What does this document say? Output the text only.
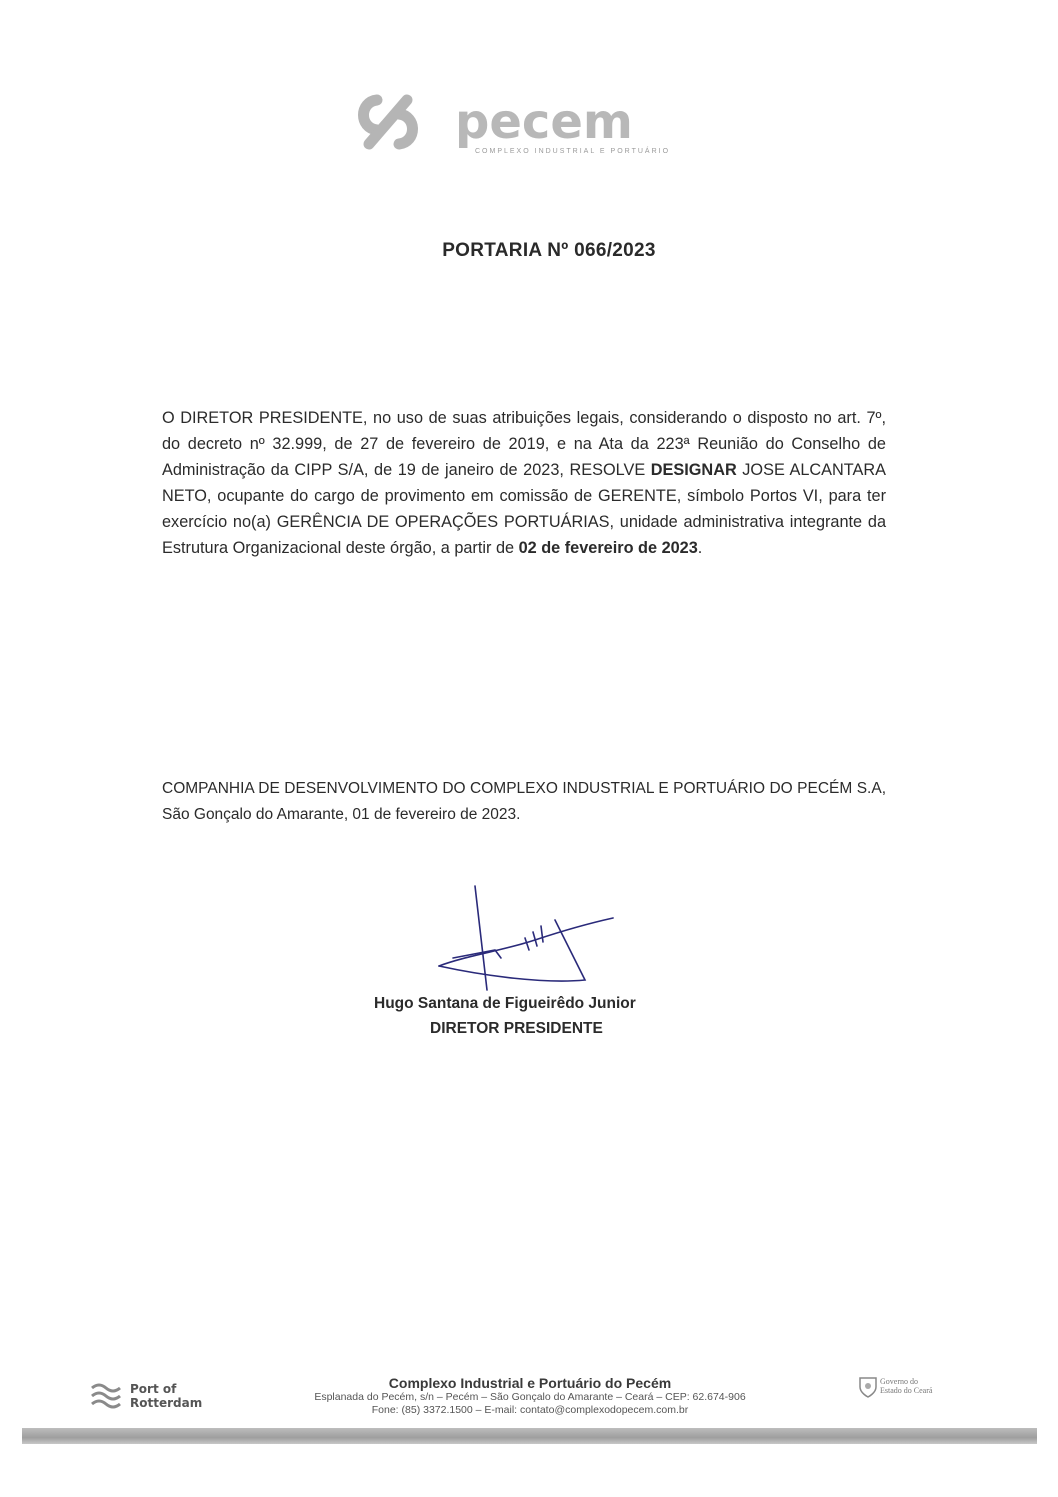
pecem
COMPLEXO INDUSTRIAL E PORTUÁRIO
PORTARIA Nº 066/2023
O DIRETOR PRESIDENTE, no uso de suas atribuições legais, considerando o disposto no art. 7º, do decreto nº 32.999, de 27 de fevereiro de 2019, e na Ata da 223ª Reunião do Conselho de Administração da CIPP S/A, de 19 de janeiro de 2023, RESOLVE DESIGNAR JOSE ALCANTARA NETO, ocupante do cargo de provimento em comissão de GERENTE, símbolo Portos VI, para ter exercício no(a) GERÊNCIA DE OPERAÇÕES PORTUÁRIAS, unidade administrativa integrante da Estrutura Organizacional deste órgão, a partir de 02 de fevereiro de 2023.
COMPANHIA DE DESENVOLVIMENTO DO COMPLEXO INDUSTRIAL E PORTUÁRIO DO PECÉM S.A, São Gonçalo do Amarante, 01 de fevereiro de 2023.
Hugo Santana de Figueirêdo Junior
DIRETOR PRESIDENTE
Port of
Rotterdam
Complexo Industrial e Portuário do Pecém
Esplanada do Pecém, s/n – Pecém – São Gonçalo do Amarante – Ceará – CEP: 62.674-906
Fone: (85) 3372.1500 – E-mail: contato@complexodopecem.com.br
Governo do
Estado do Ceará
